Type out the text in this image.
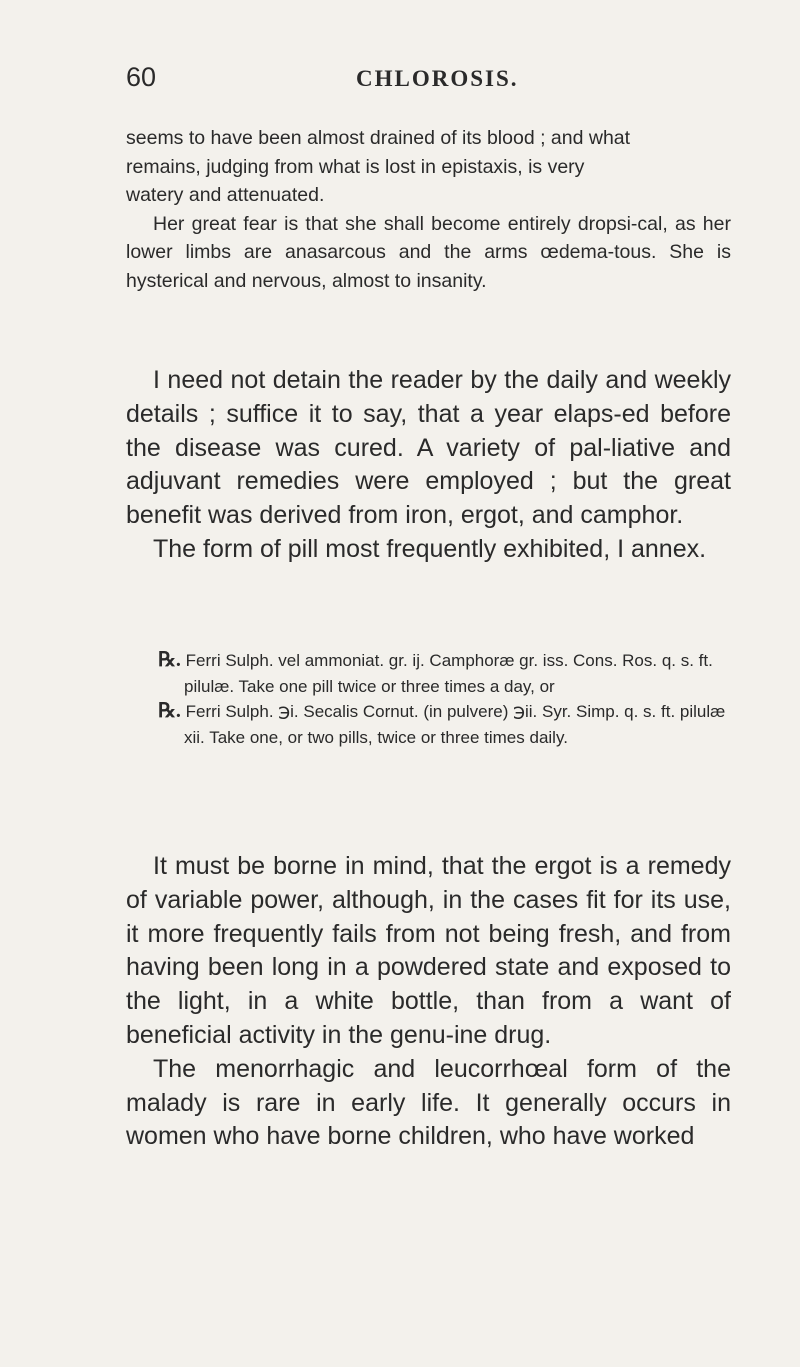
60	CHLOROSIS.

seems to have been almost drained of its blood ; and what

remains, judging from what is lost in epistaxis, is very

watery and attenuated.

Her great fear is that she shall become entirely dropsi-cal, as her lower limbs are anasarcous and the arms œdema-tous. She is hysterical and nervous, almost to insanity.

I need not detain the reader by the daily and weekly details ; suffice it to say, that a year elaps-ed before the disease was cured. A variety of pal-liative and adjuvant remedies were employed ; but the great benefit was derived from iron, ergot, and camphor.

The form of pill most frequently exhibited, I annex.

℞. Ferri Sulph. vel ammoniat. gr. ij. Camphoræ gr. iss. Cons. Ros. q. s. ft. pilulæ. Take one pill twice or three times a day, or

℞. Ferri Sulph. ℈i. Secalis Cornut. (in pulvere) ℈ii. Syr. Simp. q. s. ft. pilulæ xii. Take one, or two pills, twice or three times daily.

It must be borne in mind, that the ergot is a remedy of variable power, although, in the cases fit for its use, it more frequently fails from not being fresh, and from having been long in a powdered state and exposed to the light, in a white bottle, than from a want of beneficial activity in the genu-ine drug.

The menorrhagic and leucorrhœal form of the malady is rare in early life. It generally occurs in women who have borne children, who have worked
